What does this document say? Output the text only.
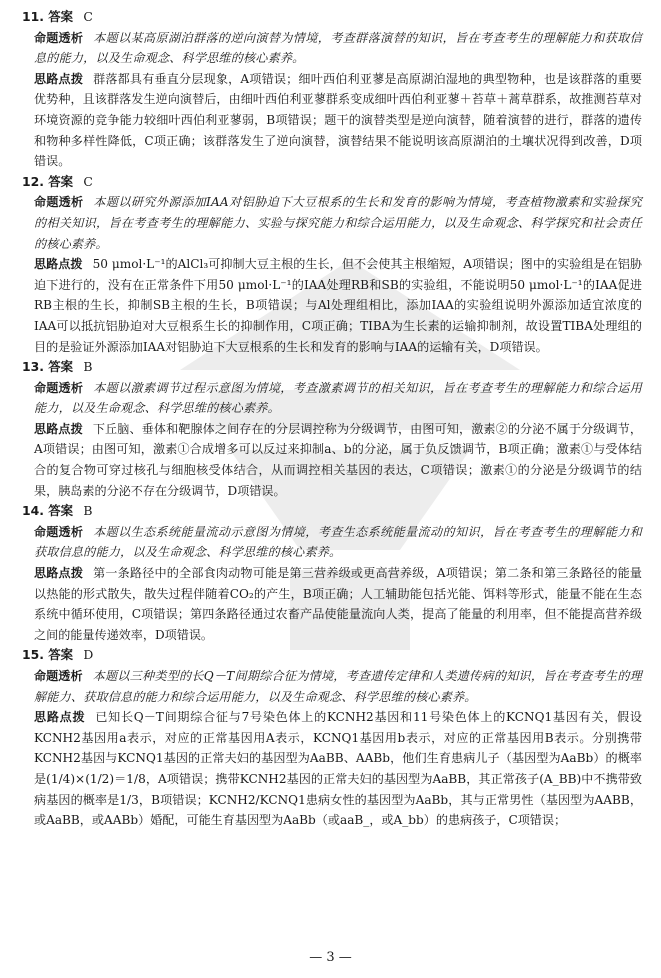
11. 答案 C

命题透析 本题以某高原湖泊群落的逆向演替为情境，考查群落演替的知识，旨在考查考生的理解能力和获取信息的能力，以及生命观念、科学思维的核心素养。

思路点拨 群落都具有垂直分层现象，A项错误；细叶西伯利亚蓼是高原湖泊湿地的典型物种，也是该群落的重要优势种，且该群落发生逆向演替后，由细叶西伯利亚蓼群系变成细叶西伯利亚蓼＋苔草＋蒿草群系，故推测苔草对环境资源的竞争能力较细叶西伯利亚蓼弱，B项错误；题干的演替类型是逆向演替，随着演替的进行，群落的遗传和物种多样性降低，C项正确；该群落发生了逆向演替，演替结果不能说明该高原湖泊的土壤状况得到改善，D项错误。

12. 答案 C

命题透析 本题以研究外源添加IAA对铝胁迫下大豆根系的生长和发育的影响为情境，考查植物激素和实验探究的相关知识，旨在考查考生的理解能力、实验与探究能力和综合运用能力，以及生命观念、科学探究和社会责任的核心素养。

思路点拨 50 μmol·L⁻¹的AlCl₃可抑制大豆主根的生长，但不会使其主根缩短，A项错误；图中的实验组是在铝胁迫下进行的，没有在正常条件下用50 μmol·L⁻¹的IAA处理RB和SB的实验组，不能说明50 μmol·L⁻¹的IAA促进RB主根的生长，抑制SB主根的生长，B项错误；与Al处理组相比，添加IAA的实验组说明外源添加适宜浓度的IAA可以抵抗铝胁迫对大豆根系生长的抑制作用，C项正确；TIBA为生长素的运输抑制剂，故设置TIBA处理组的目的是验证外源添加IAA对铝胁迫下大豆根系的生长和发育的影响与IAA的运输有关，D项错误。

13. 答案 B

命题透析 本题以激素调节过程示意图为情境，考查激素调节的相关知识，旨在考查考生的理解能力和综合运用能力，以及生命观念、科学思维的核心素养。

思路点拨 下丘脑、垂体和靶腺体之间存在的分层调控称为分级调节，由图可知，激素②的分泌不属于分级调节，A项错误；由图可知，激素①合成增多可以反过来抑制a、b的分泌，属于负反馈调节，B项正确；激素①与受体结合的复合物可穿过核孔与细胞核受体结合，从而调控相关基因的表达，C项错误；激素①的分泌是分级调节的结果，胰岛素的分泌不存在分级调节，D项错误。

14. 答案 B

命题透析 本题以生态系统能量流动示意图为情境，考查生态系统能量流动的知识，旨在考查考生的理解能力和获取信息的能力，以及生命观念、科学思维的核心素养。

思路点拨 第一条路径中的全部食肉动物可能是第三营养级或更高营养级，A项错误；第二条和第三条路径的能量以热能的形式散失，散失过程伴随着CO₂的产生，B项正确；人工辅助能包括光能、饵料等形式，能量不能在生态系统中循环使用，C项错误；第四条路径通过农畜产品使能量流向人类，提高了能量的利用率，但不能提高营养级之间的能量传递效率，D项错误。

15. 答案 D

命题透析 本题以三种类型的长Q－T间期综合征为情境，考查遗传定律和人类遗传病的知识，旨在考查考生的理解能力、获取信息的能力和综合运用能力，以及生命观念、科学思维的核心素养。

思路点拨 已知长Q－T间期综合征与7号染色体上的KCNH2基因和11号染色体上的KCNQ1基因有关，假设KCNH2基因用a表示，对应的正常基因用A表示，KCNQ1基因用b表示，对应的正常基因用B表示。分别携带KCNH2基因与KCNQ1基因的正常夫妇的基因型为AaBB、AABb，他们生育患病儿子（基因型为AaBb）的概率是(1/4)×(1/2)＝1/8，A项错误；携带KCNH2基因的正常夫妇的基因型为AaBB，其正常孩子(A_BB)中不携带致病基因的概率是1/3，B项错误；KCNH2/KCNQ1患病女性的基因型为AaBb，其与正常男性（基因型为AABB，或AaBB，或AABb）婚配，可能生育基因型为AaBb（或aaB_，或A_bb）的患病孩子，C项错误；

— 3 —
